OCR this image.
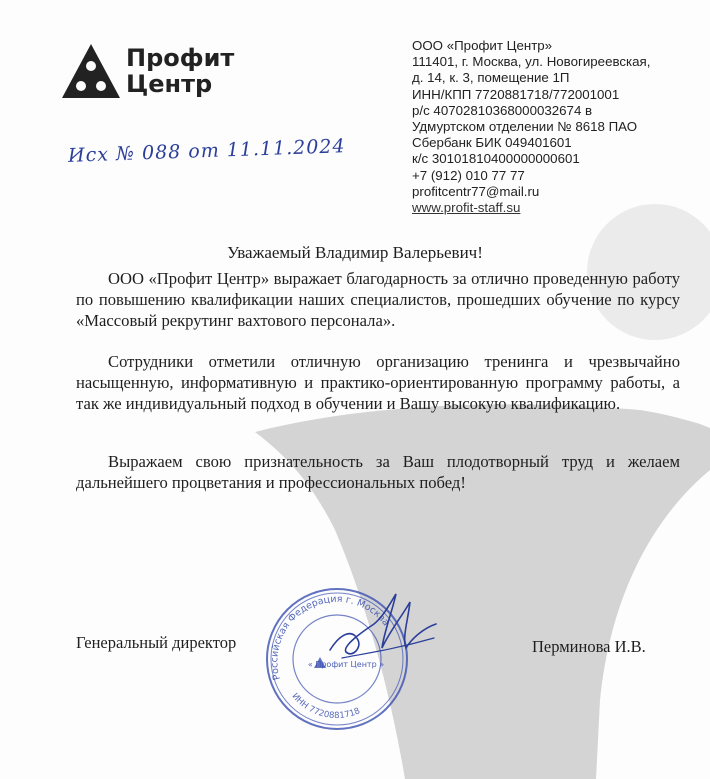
Профит
Центр
Исх № 088 от 11.11.2024
ООО «Профит Центр»
111401, г. Москва, ул. Новогиреевская,
д. 14, к. 3, помещение 1П
ИНН/КПП 7720881718/772001001
р/с 40702810368000032674 в
Удмуртском отделении № 8618 ПАО
Сбербанк БИК 049401601
к/с 30101810400000000601
+7 (912) 010 77 77
profitcentr77@mail.ru
www.profit-staff.su
Уважаемый Владимир Валерьевич!
ООО «Профит Центр» выражает благодарность за отлично проведенную работу по повышению квалификации наших специалистов, прошедших обучение по курсу «Массовый рекрутинг вахтового персонала».
Сотрудники отметили отличную организацию тренинга и чрезвычайно насыщенную, информативную и практико-ориентированную программу работы, а так же индивидуальный подход в обучении и Вашу высокую квалификацию.
Выражаем свою признательность за Ваш плодотворный труд и желаем дальнейшего процветания и профессиональных побед!
Российская Федерация г. Москва
ИНН 7720881718
« Профит Центр »
Генеральный директор	Перминова И.В.
